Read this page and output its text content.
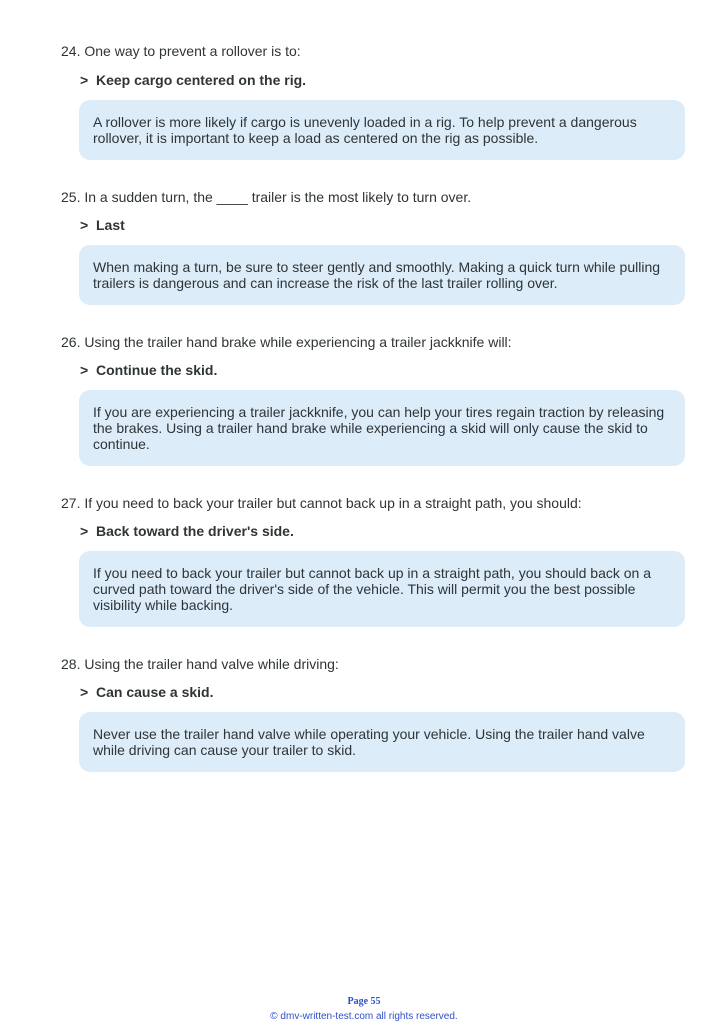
24. One way to prevent a rollover is to:
> Keep cargo centered on the rig.
A rollover is more likely if cargo is unevenly loaded in a rig. To help prevent a dangerous rollover, it is important to keep a load as centered on the rig as possible.
25. In a sudden turn, the ____ trailer is the most likely to turn over.
> Last
When making a turn, be sure to steer gently and smoothly. Making a quick turn while pulling trailers is dangerous and can increase the risk of the last trailer rolling over.
26. Using the trailer hand brake while experiencing a trailer jackknife will:
> Continue the skid.
If you are experiencing a trailer jackknife, you can help your tires regain traction by releasing the brakes. Using a trailer hand brake while experiencing a skid will only cause the skid to continue.
27. If you need to back your trailer but cannot back up in a straight path, you should:
> Back toward the driver's side.
If you need to back your trailer but cannot back up in a straight path, you should back on a curved path toward the driver's side of the vehicle. This will permit you the best possible visibility while backing.
28. Using the trailer hand valve while driving:
> Can cause a skid.
Never use the trailer hand valve while operating your vehicle. Using the trailer hand valve while driving can cause your trailer to skid.
Page 55
© dmv-written-test.com all rights reserved.
